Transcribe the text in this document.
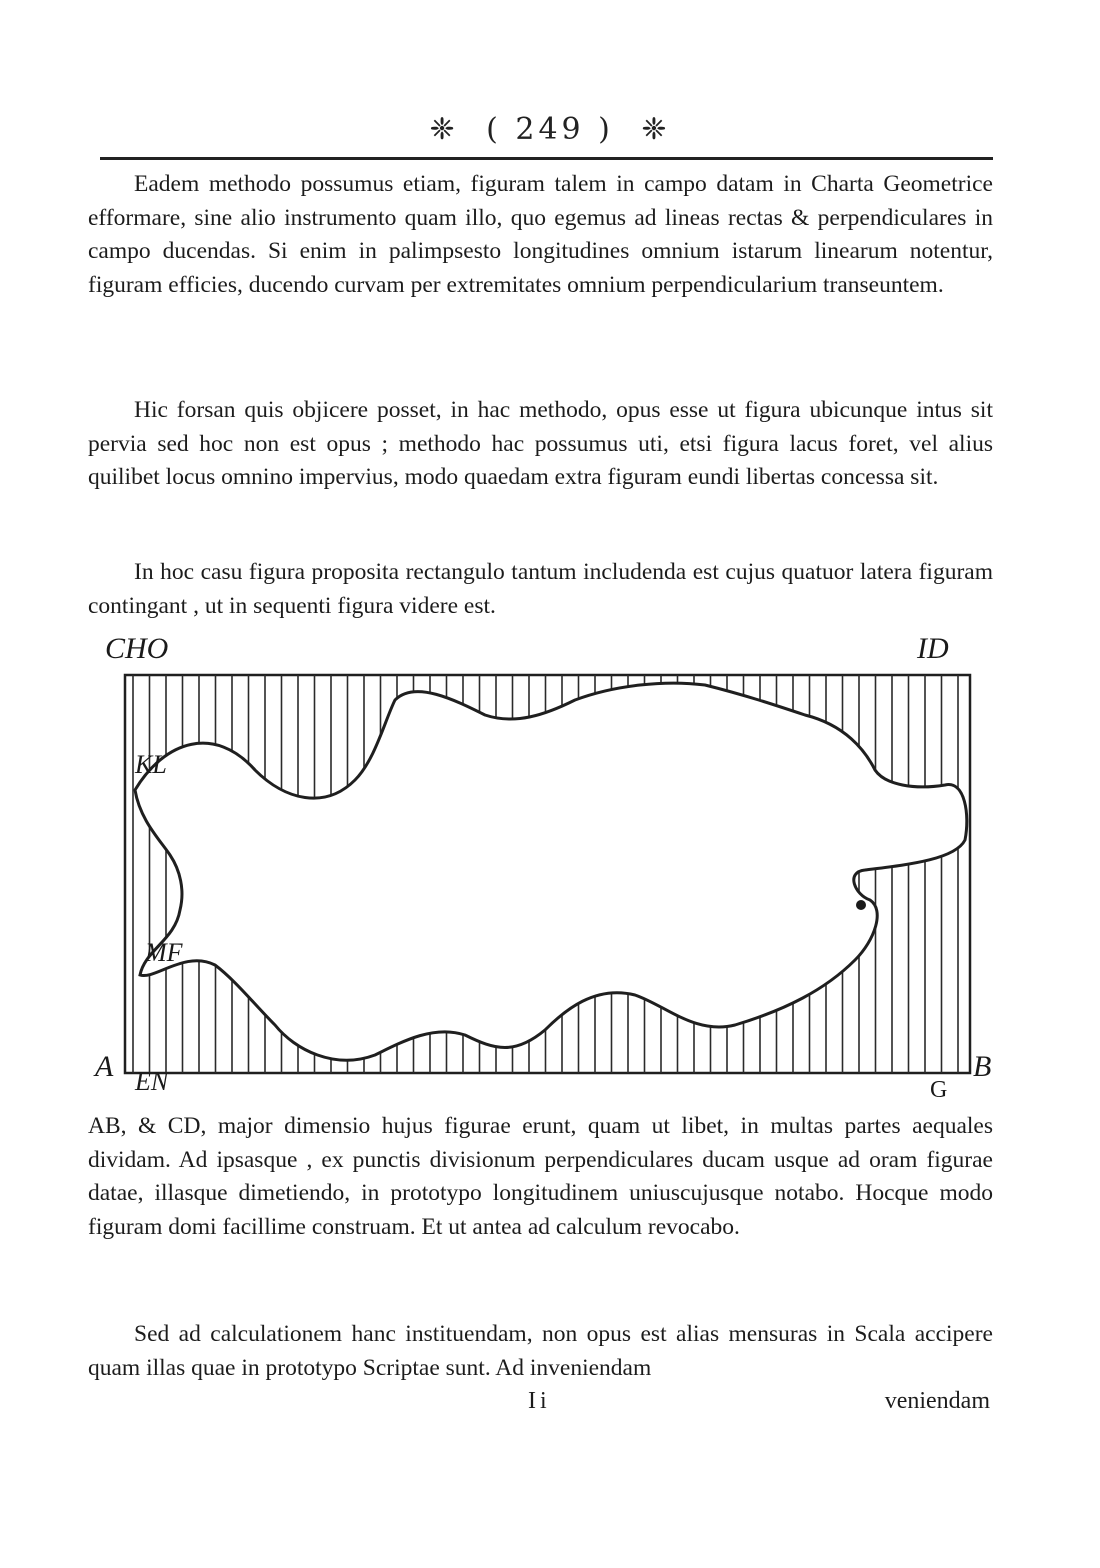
❈ ( 249 ) ❈

Eadem methodo possumus etiam, figuram talem in campo datam in Charta Geometrice efformare, sine alio instrumento quam illo, quo egemus ad lineas rectas & perpendiculares in campo ducendas. Si enim in palimpsesto longitudines omnium istarum linearum notentur, figuram efficies, ducendo curvam per extremitates omnium perpendicularium transeuntem.

Hic forsan quis objicere posset, in hac methodo, opus esse ut figura ubicunque intus sit pervia sed hoc non est opus ; methodo hac possumus uti, etsi figura lacus foret, vel alius quilibet locus omnino impervius, modo quaedam extra figuram eundi libertas concessa sit.

In hoc casu figura proposita rectangulo tantum includenda est cujus quatuor latera figuram contingant , ut in sequenti figura videre est.

CHO	ID
KL
MF
A EN	G
B

AB, & CD, major dimensio hujus figurae erunt, quam ut libet, in multas partes aequales dividam. Ad ipsasque , ex punctis divisionum perpendiculares ducam usque ad oram figurae datae, illasque dimetiendo, in prototypo longitudinem uniuscujusque notabo. Hocque modo figuram domi facillime construam. Et ut antea ad calculum revocabo.

Sed ad calculationem hanc instituendam, non opus est alias mensuras in Scala accipere quam illas quae in prototypo Scriptae sunt. Ad inveniendam

Ii	veniendam
